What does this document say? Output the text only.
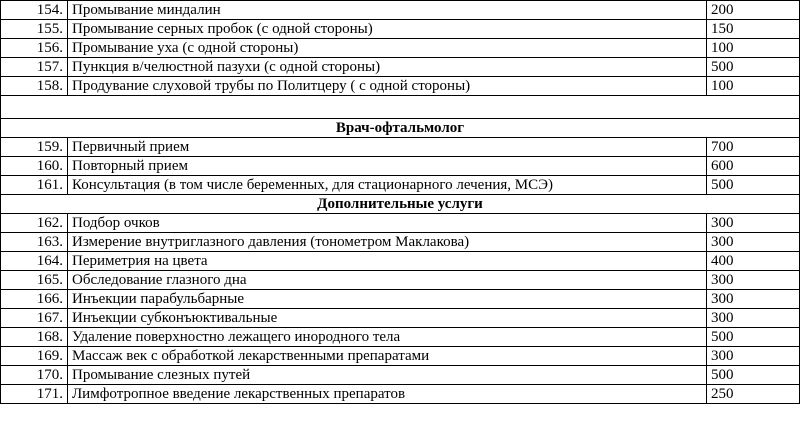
154.	Промывание миндалин	200
155.	Промывание серных пробок (с одной стороны)	150
156.	Промывание уха (с одной стороны)	100
157.	Пункция в/челюстной пазухи (с одной стороны)	500
158.	Продувание слуховой трубы по Политцеру ( с одной стороны)	100

Врач-офтальмолог		
159.	Первичный прием	700
160.	Повторный прием	600
161.	Консультация (в том числе беременных, для стационарного лечения, МСЭ)	500
Дополнительные услуги		
162.	Подбор очков	300
163.	Измерение внутриглазного давления (тонометром Маклакова)	300
164.	Периметрия на цвета	400
165.	Обследование глазного дна	300
166.	Инъекции парабульбарные	300
167.	Инъекции субконъюктивальные	300
168.	Удаление поверхностно лежащего инородного тела	500
169.	Массаж век с обработкой лекарственными препаратами	300
170.	Промывание слезных путей	500
171.	Лимфотропное введение лекарственных препаратов	250
